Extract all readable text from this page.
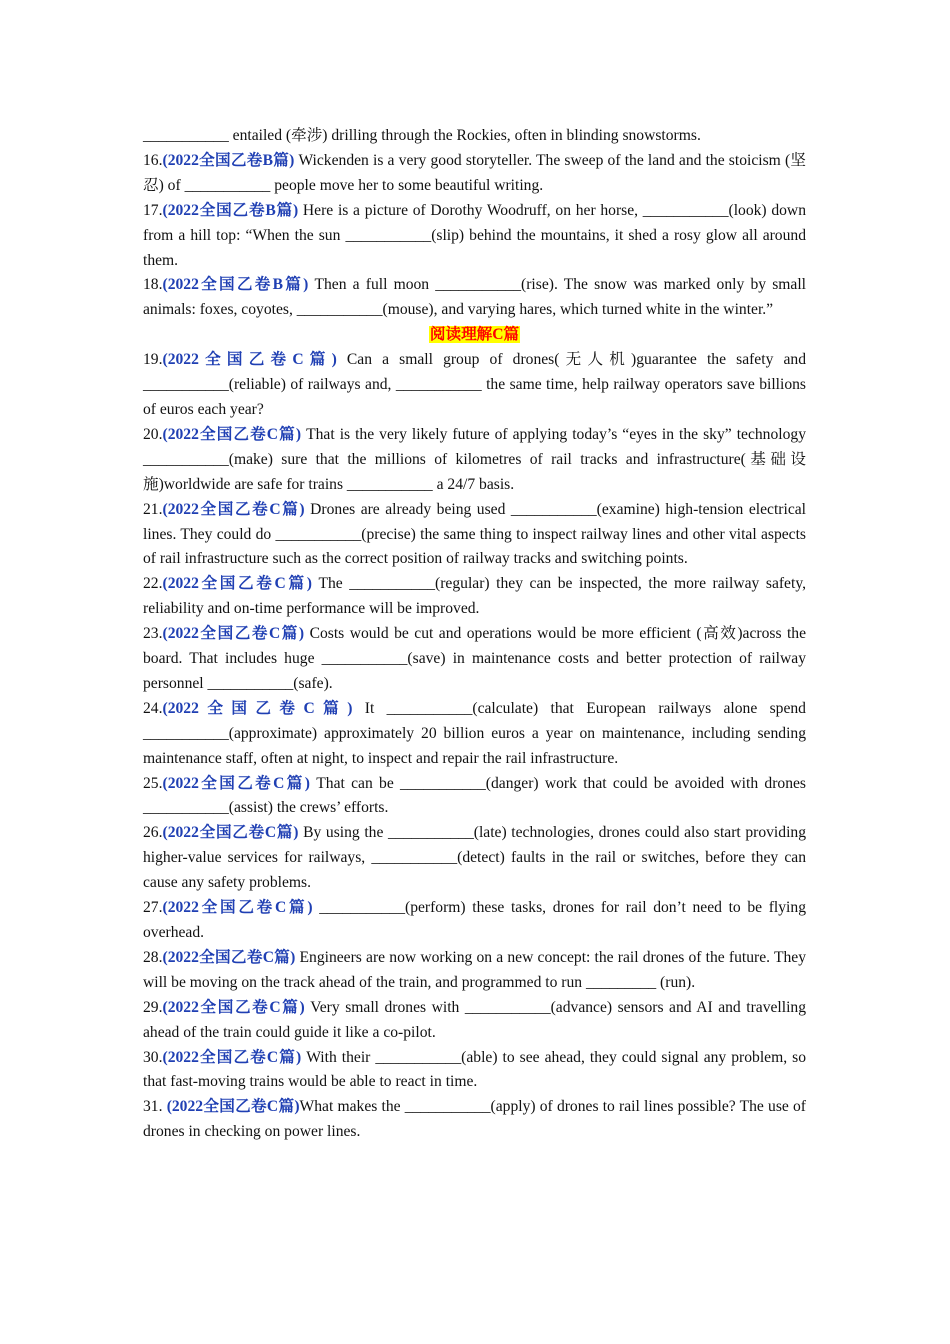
___________ entailed (牵涉) drilling through the Rockies, often in blinding snowstorms.

16.(2022全国乙卷B篇) Wickenden is a very good storyteller. The sweep of the land and the stoicism (坚忍) of ___________ people move her to some beautiful writing.

17.(2022全国乙卷B篇) Here is a picture of Dorothy Woodruff, on her horse, ___________(look) down from a hill top: “When the sun ___________(slip) behind the mountains, it shed a rosy glow all around them.

18.(2022全国乙卷B篇) Then a full moon ___________(rise). The snow was marked only by small animals: foxes, coyotes, ___________(mouse), and varying hares, which turned white in the winter.”

阅读理解C篇

19.(2022全国乙卷C篇) Can a small group of drones(无人机)guarantee the safety and ___________(reliable) of railways and, ___________ the same time, help railway operators save billions of euros each year?

20.(2022全国乙卷C篇) That is the very likely future of applying today’s “eyes in the sky” technology ___________(make) sure that the millions of kilometres of rail tracks and infrastructure(基础设施)worldwide are safe for trains ___________ a 24/7 basis.

21.(2022全国乙卷C篇) Drones are already being used ___________(examine) high-tension electrical lines. They could do ___________(precise) the same thing to inspect railway lines and other vital aspects of rail infrastructure such as the correct position of railway tracks and switching points.

22.(2022全国乙卷C篇) The ___________(regular) they can be inspected, the more railway safety, reliability and on-time performance will be improved.

23.(2022全国乙卷C篇) Costs would be cut and operations would be more efficient (高效)across the board. That includes huge ___________(save) in maintenance costs and better protection of railway personnel ___________(safe).

24.(2022全国乙卷C篇) It ___________(calculate) that European railways alone spend ___________(approximate) approximately 20 billion euros a year on maintenance, including sending maintenance staff, often at night, to inspect and repair the rail infrastructure.

25.(2022全国乙卷C篇) That can be ___________(danger) work that could be avoided with drones ___________(assist) the crews’ efforts.

26.(2022全国乙卷C篇) By using the ___________(late) technologies, drones could also start providing higher-value services for railways, ___________(detect) faults in the rail or switches, before they can cause any safety problems.

27.(2022全国乙卷C篇) ___________(perform) these tasks, drones for rail don’t need to be flying overhead.

28.(2022全国乙卷C篇) Engineers are now working on a new concept: the rail drones of the future. They will be moving on the track ahead of the train, and programmed to run _________ (run).

29.(2022全国乙卷C篇) Very small drones with ___________(advance) sensors and AI and travelling ahead of the train could guide it like a co-pilot.

30.(2022全国乙卷C篇) With their ___________(able) to see ahead, they could signal any problem, so that fast-moving trains would be able to react in time.

31. (2022全国乙卷C篇)What makes the ___________(apply) of drones to rail lines possible? The use of drones in checking on power lines.
